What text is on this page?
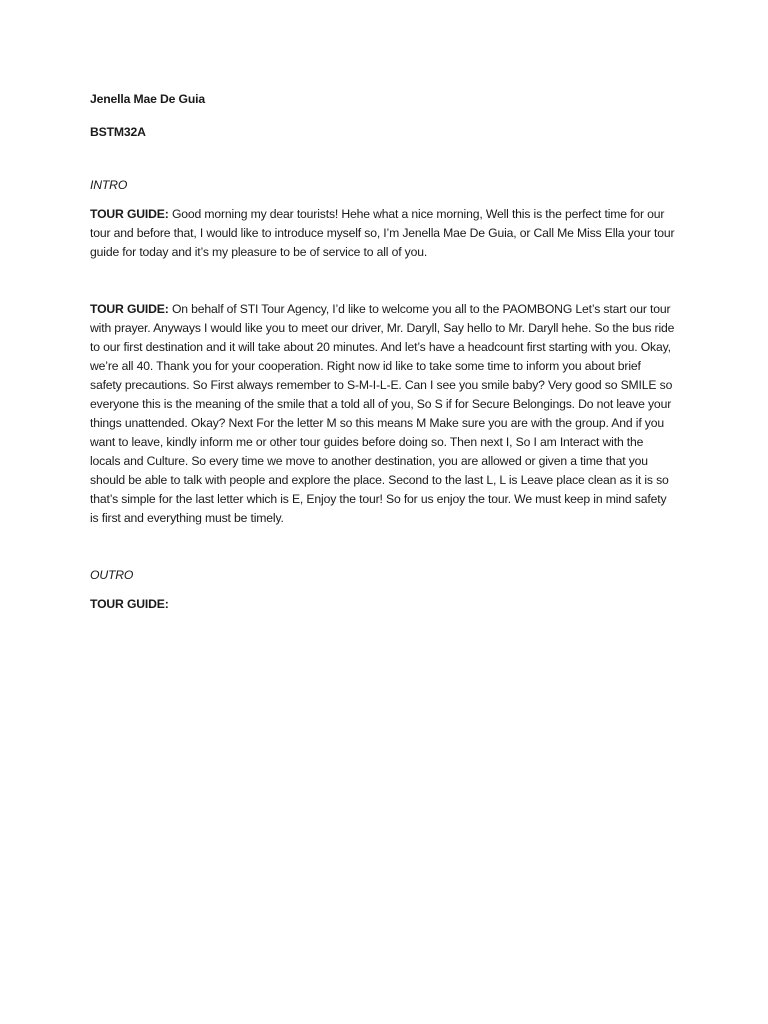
Jenella Mae De Guia
BSTM32A
INTRO
TOUR GUIDE: Good morning my dear tourists! Hehe what a nice morning, Well this is the perfect time for our tour and before that, I would like to introduce myself so, I’m Jenella Mae De Guia, or Call Me Miss Ella your tour guide for today and it’s my pleasure to be of service to all of you.
TOUR GUIDE: On behalf of STI Tour Agency, I’d like to welcome you all to the PAOMBONG Let’s start our tour with prayer. Anyways I would like you to meet our driver, Mr. Daryll, Say hello to Mr. Daryll hehe. So the bus ride to our first destination and it will take about 20 minutes. And let’s have a headcount first starting with you. Okay, we’re all 40. Thank you for your cooperation. Right now id like to take some time to inform you about brief safety precautions. So First always remember to S-M-I-L-E. Can I see you smile baby? Very good so SMILE so everyone this is the meaning of the smile that a told all of you, So S if for Secure Belongings. Do not leave your things unattended. Okay? Next For the letter M so this means M Make sure you are with the group. And if you want to leave, kindly inform me or other tour guides before doing so. Then next I, So I am Interact with the locals and Culture. So every time we move to another destination, you are allowed or given a time that you should be able to talk with people and explore the place. Second to the last L, L is Leave place clean as it is so that’s simple for the last letter which is E, Enjoy the tour! So for us enjoy the tour. We must keep in mind safety is first and everything must be timely.
OUTRO
TOUR GUIDE:
